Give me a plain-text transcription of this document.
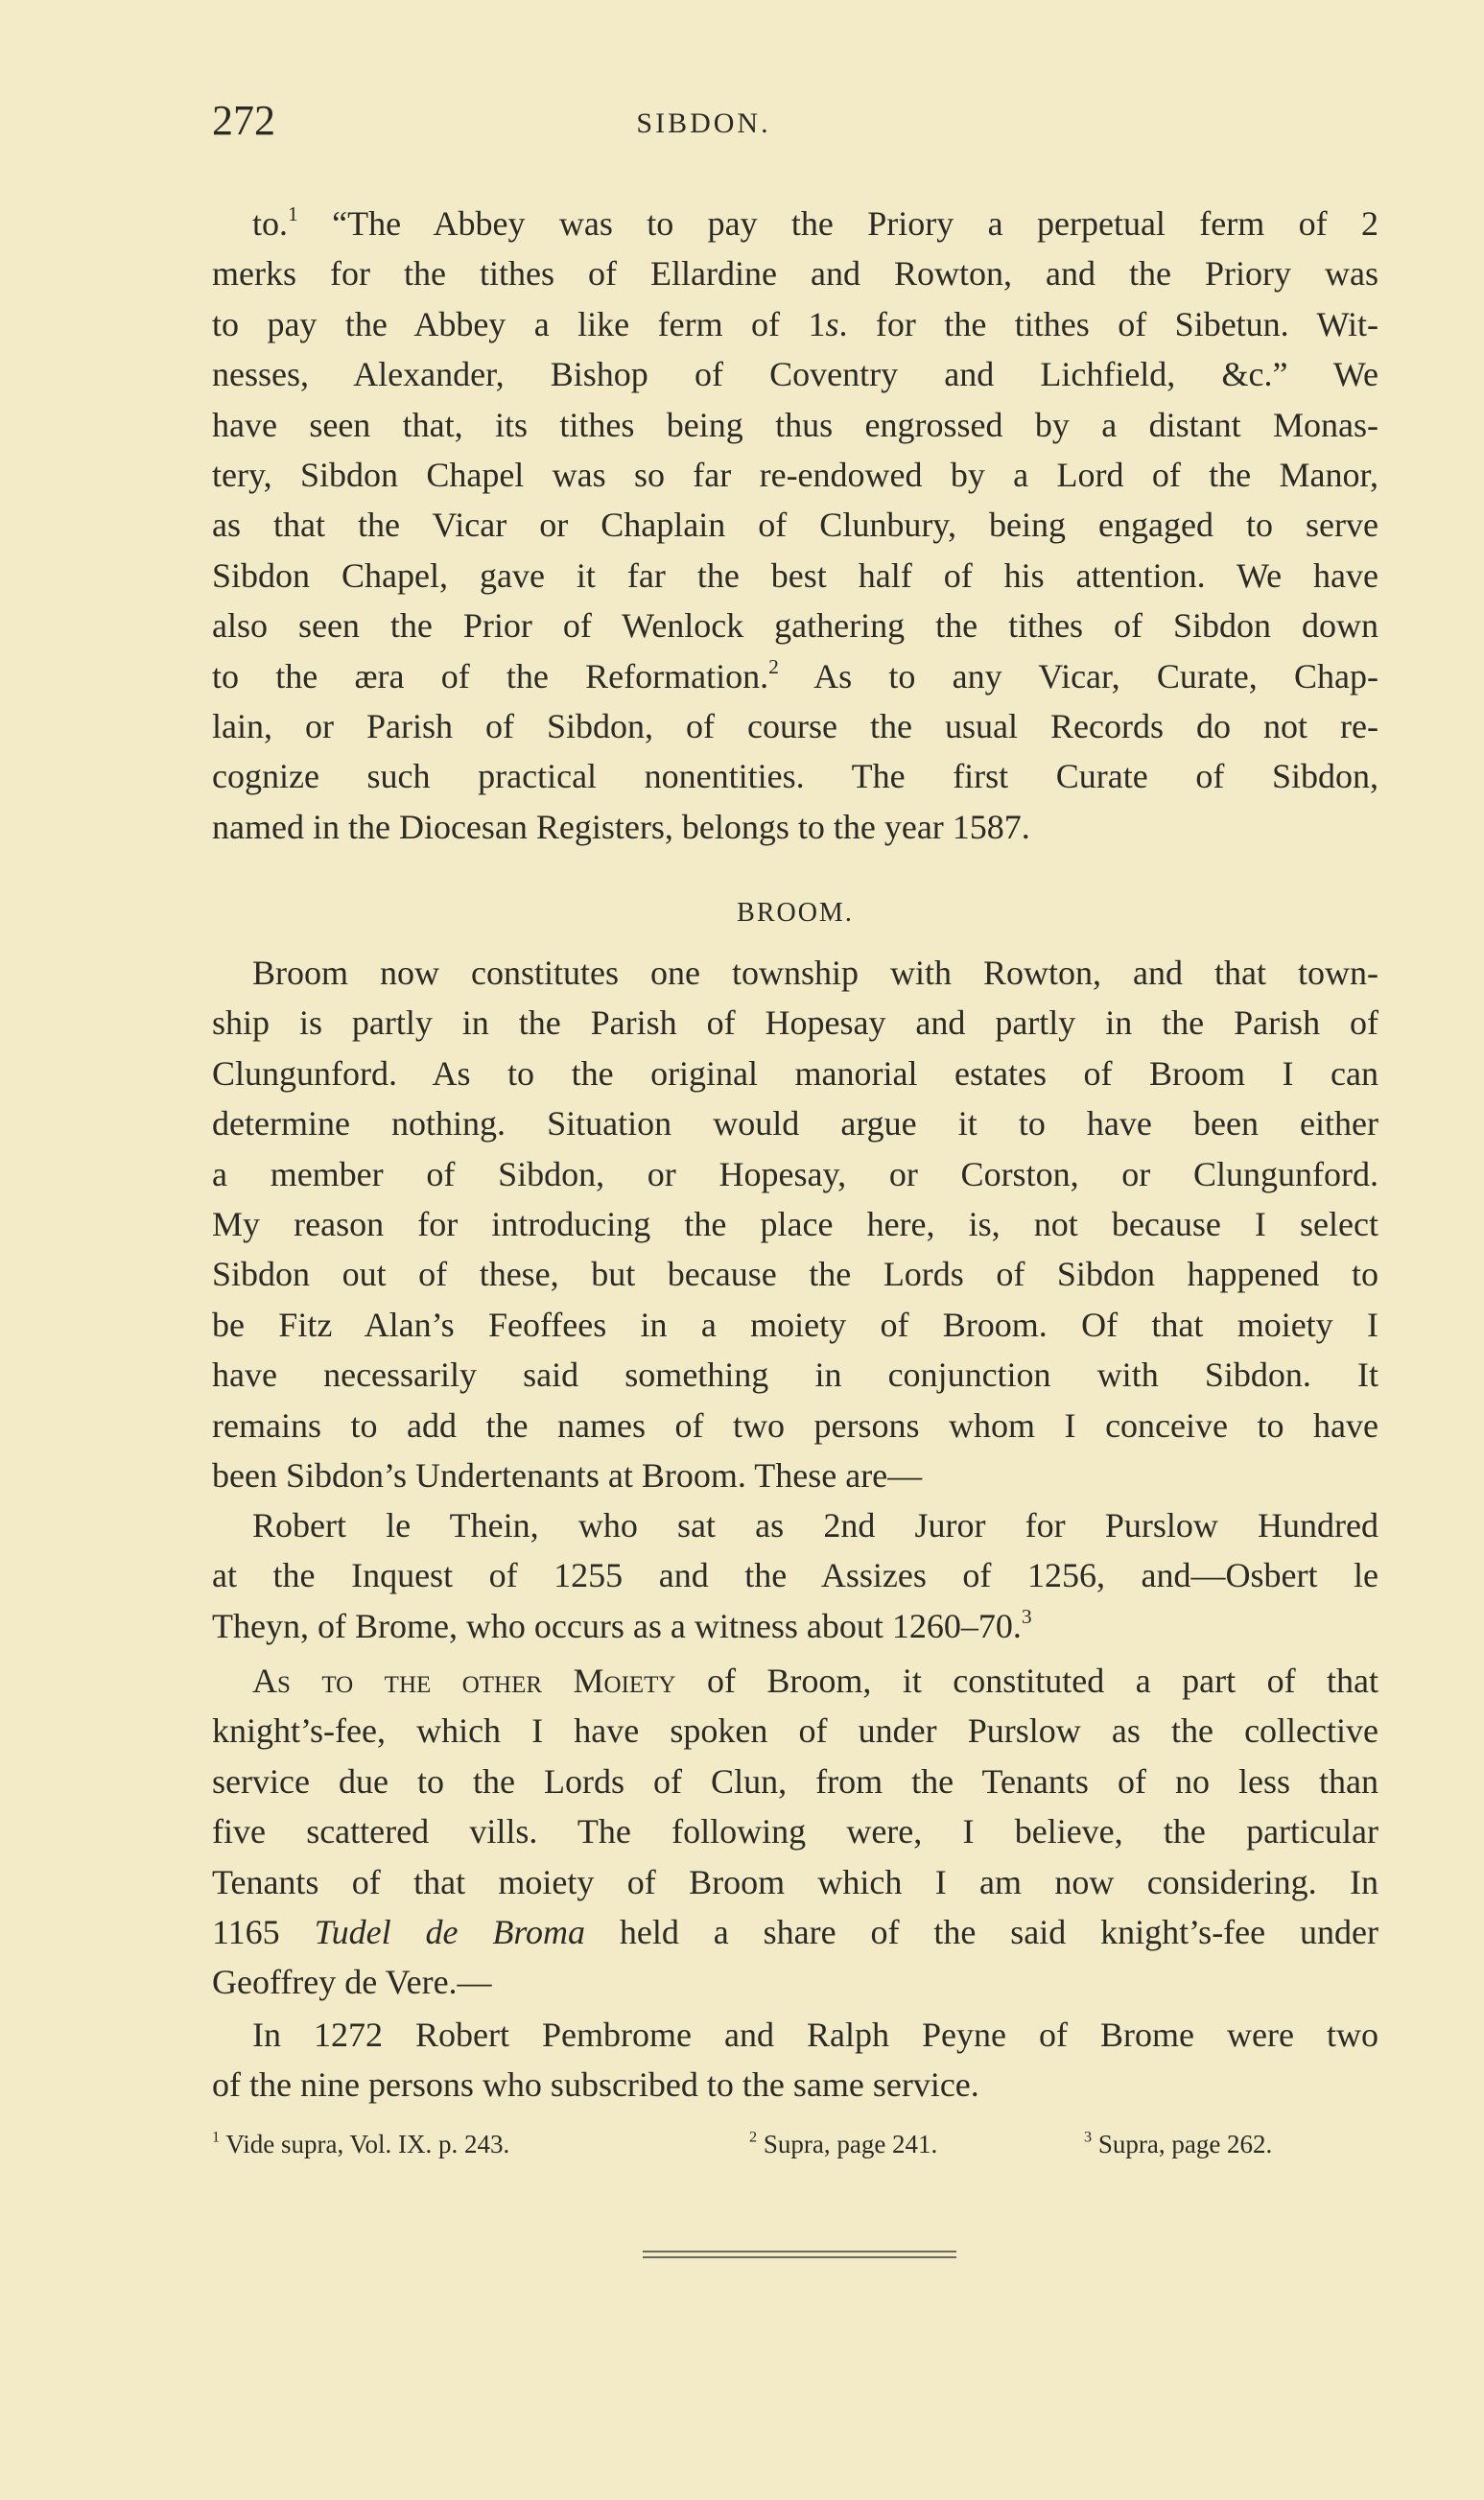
272	SIBDON.
to.$^1$ “The Abbey was to pay the Priory a perpetual ferm of 2
merks for the tithes of Ellardine and Rowton, and the Priory was
to pay the Abbey a like ferm of 1s. for the tithes of Sibetun. Wit-
nesses, Alexander, Bishop of Coventry and Lichfield, &c.” We
have seen that, its tithes being thus engrossed by a distant Monas-
tery, Sibdon Chapel was so far re-endowed by a Lord of the Manor,
as that the Vicar or Chaplain of Clunbury, being engaged to serve
Sibdon Chapel, gave it far the best half of his attention. We have
also seen the Prior of Wenlock gathering the tithes of Sibdon down
to the æra of the Reformation.$^2$ As to any Vicar, Curate, Chap-
lain, or Parish of Sibdon, of course the usual Records do not re-
cognize such practical nonentities. The first Curate of Sibdon,
named in the Diocesan Registers, belongs to the year 1587.
BROOM.
Broom now constitutes one township with Rowton, and that town-
ship is partly in the Parish of Hopesay and partly in the Parish of
Clungunford. As to the original manorial estates of Broom I can
determine nothing. Situation would argue it to have been either
a member of Sibdon, or Hopesay, or Corston, or Clungunford.
My reason for introducing the place here, is, not because I select
Sibdon out of these, but because the Lords of Sibdon happened to
be Fitz Alan’s Feoffees in a moiety of Broom. Of that moiety I
have necessarily said something in conjunction with Sibdon. It
remains to add the names of two persons whom I conceive to have
been Sibdon’s Undertenants at Broom. These are—
Robert le Thein, who sat as 2nd Juror for Purslow Hundred
at the Inquest of 1255 and the Assizes of 1256, and—Osbert le
Theyn, of Brome, who occurs as a witness about 1260–70.$^3$
As to the other Moiety of Broom, it constituted a part of that
knight’s-fee, which I have spoken of under Purslow as the collective
service due to the Lords of Clun, from the Tenants of no less than
five scattered vills. The following were, I believe, the particular
Tenants of that moiety of Broom which I am now considering. In
1165 Tudel de Broma held a share of the said knight’s-fee under
Geoffrey de Vere.—
In 1272 Robert Pembrome and Ralph Peyne of Brome were two
of the nine persons who subscribed to the same service.
$^1$ Vide supra, Vol. IX. p. 243.	$^2$ Supra, page 241.	$^3$ Supra, page 262.
